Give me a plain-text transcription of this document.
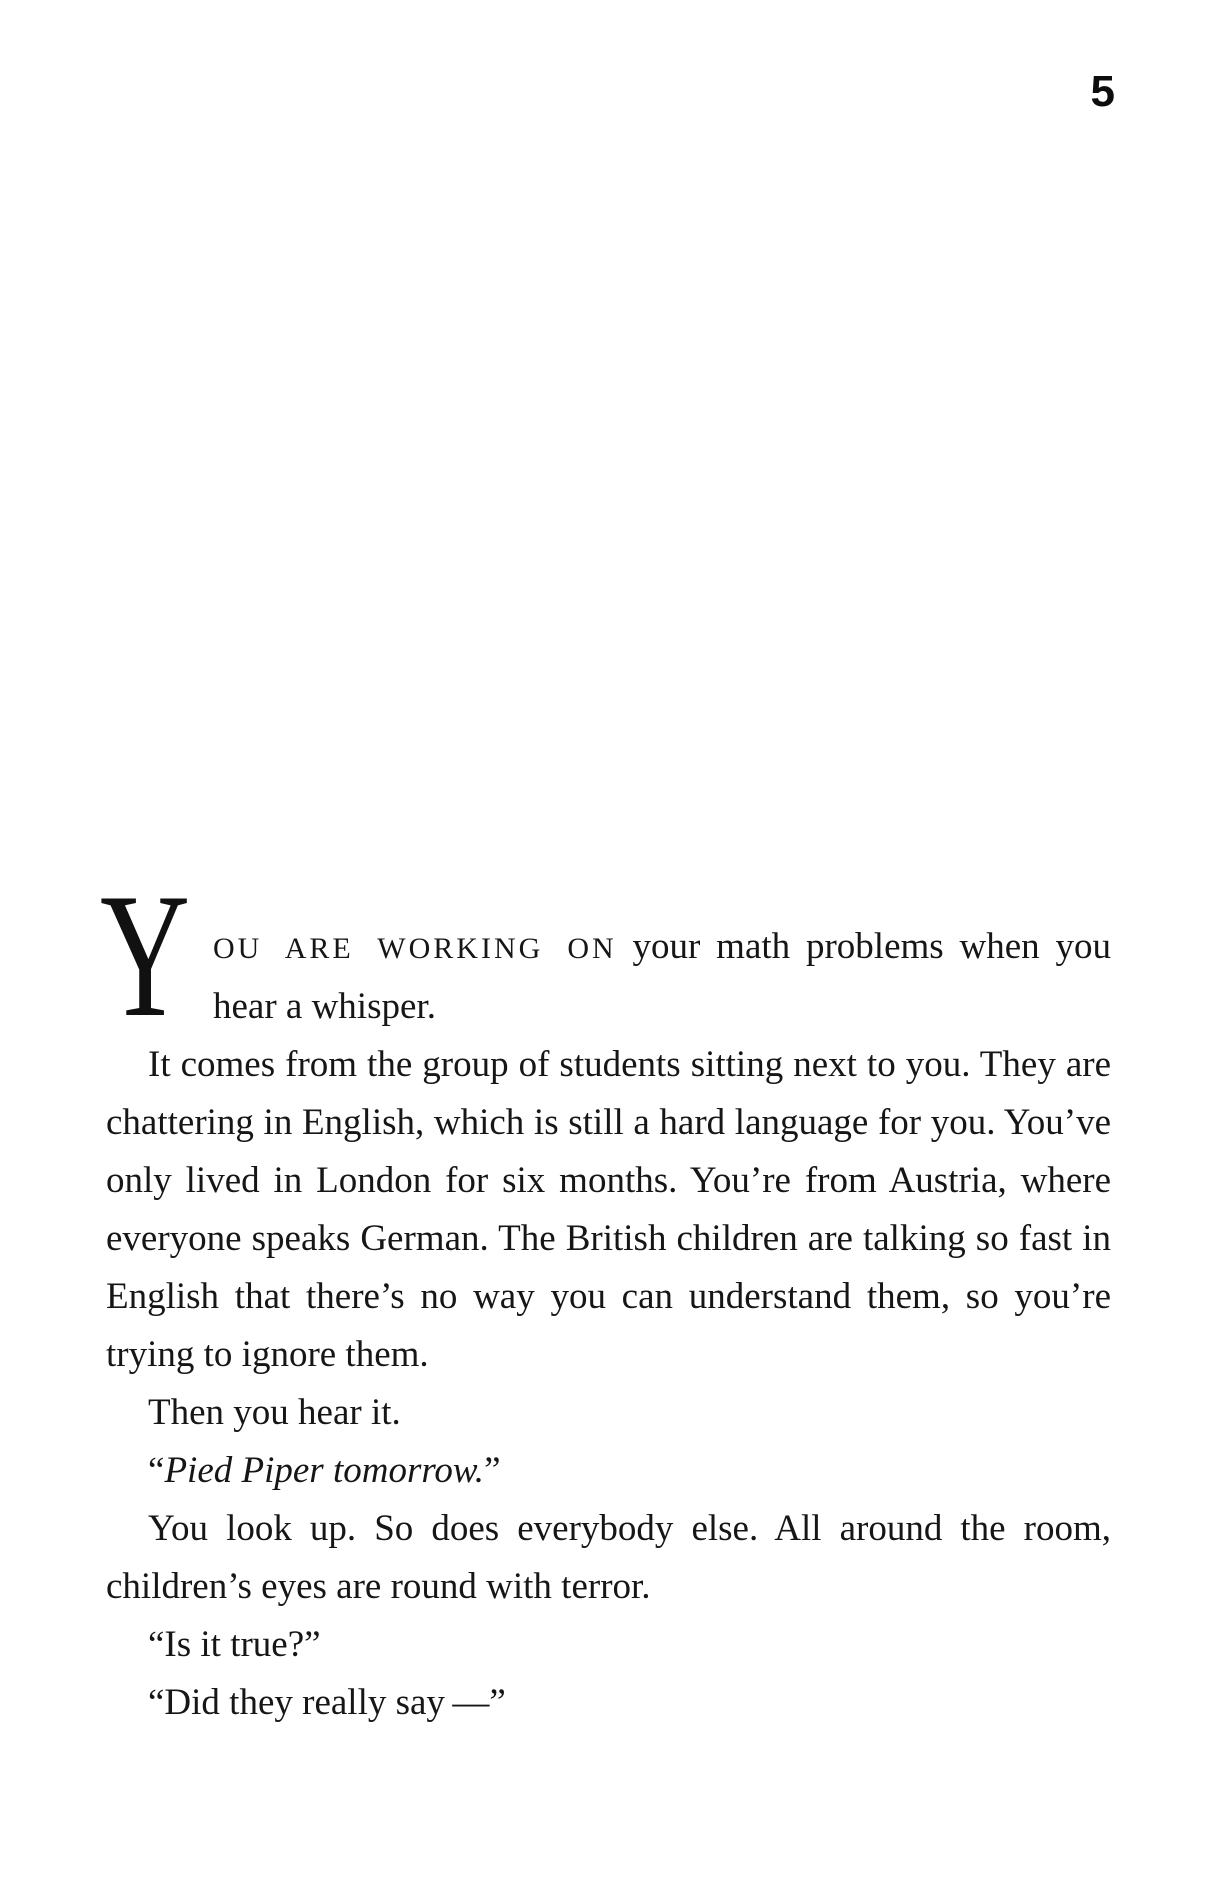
5
Y OU ARE WORKING ON your math problems when you
hear a whisper.

It comes from the group of students sitting next to you. They are chattering in English, which is still a hard language for you. You’ve only lived in London for six months. You’re from Austria, where everyone speaks German. The British children are talking so fast in English that there’s no way you can understand them, so you’re trying to ignore them.

Then you hear it.

“Pied Piper tomorrow.”

You look up. So does everybody else. All around the room, children’s eyes are round with terror.

“Is it true?”

“Did they really say —”
